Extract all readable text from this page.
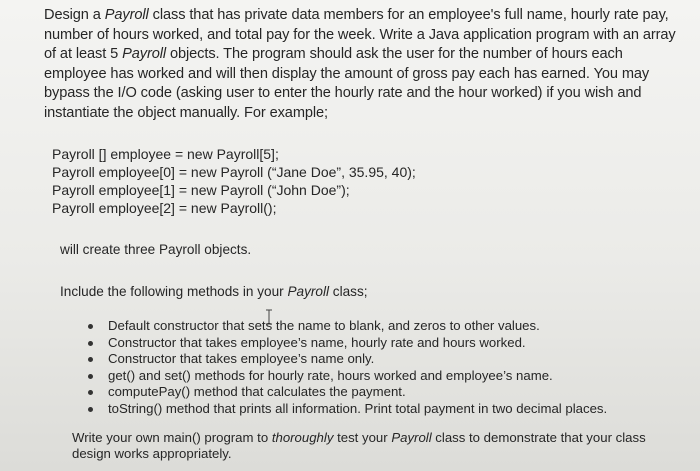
Design a Payroll class that has private data members for an employee's full name, hourly rate pay, number of hours worked, and total pay for the week. Write a Java application program with an array of at least 5 Payroll objects. The program should ask the user for the number of hours each employee has worked and will then display the amount of gross pay each has earned. You may bypass the I/O code (asking user to enter the hourly rate and the hour worked) if you wish and instantiate the object manually. For example;
Payroll [] employee = new Payroll[5];
Payroll employee[0] = new Payroll (“Jane Doe”, 35.95, 40);
Payroll employee[1] = new Payroll (“John Doe”);
Payroll employee[2] = new Payroll();
will create three Payroll objects.
Include the following methods in your Payroll class;
Default constructor that sets the name to blank, and zeros to other values.
Constructor that takes employee’s name, hourly rate and hours worked.
Constructor that takes employee’s name only.
get() and set() methods for hourly rate, hours worked and employee’s name.
computePay() method that calculates the payment.
toString() method that prints all information. Print total payment in two decimal places.
Write your own main() program to thoroughly test your Payroll class to demonstrate that your class design works appropriately.
